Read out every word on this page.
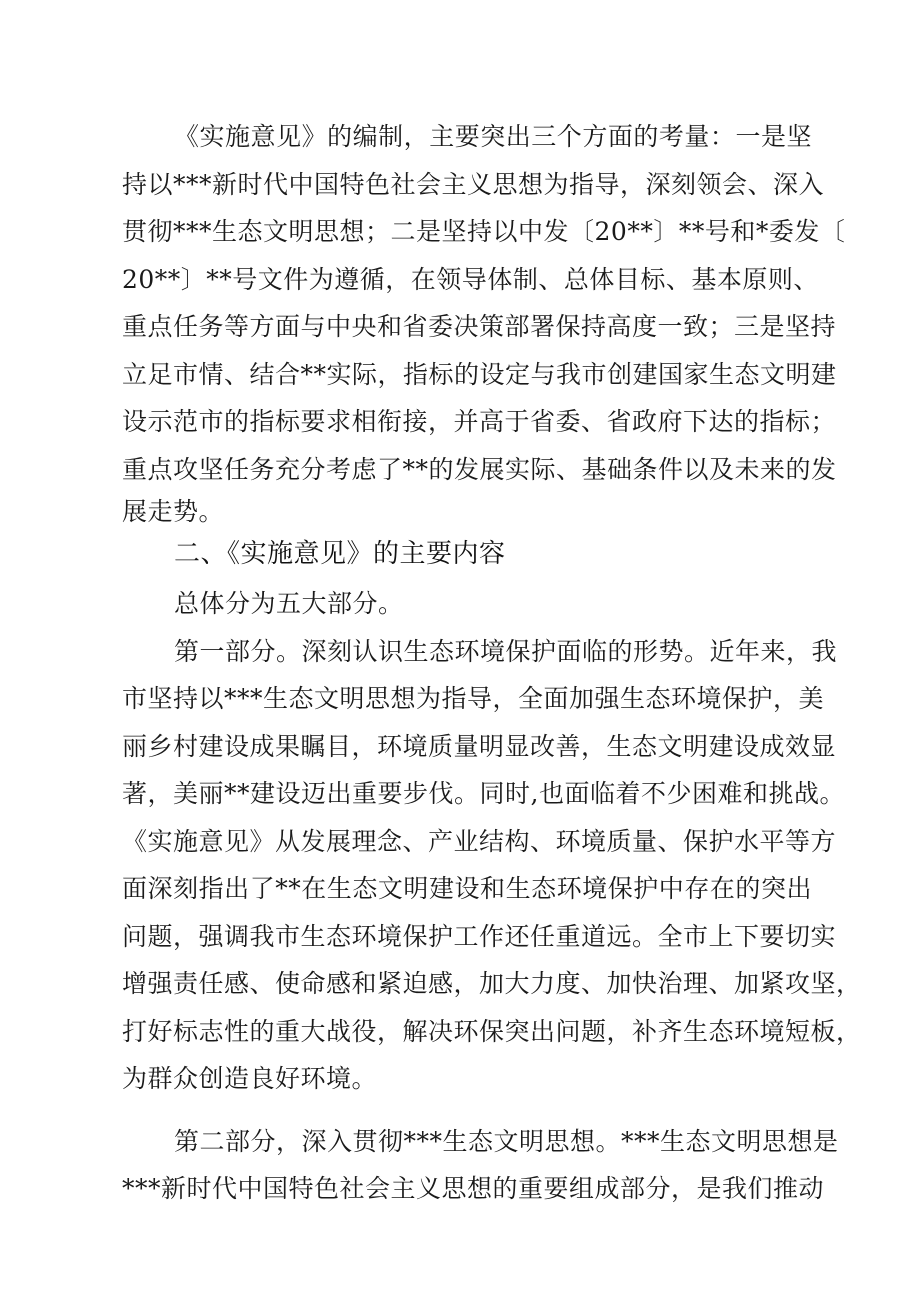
《实施意见》的编制，主要突出三个方面的考量：一是坚
持以***新时代中国特色社会主义思想为指导，深刻领会、深入
贯彻***生态文明思想；二是坚持以中发〔20**〕**号和*委发〔
20**〕**号文件为遵循，在领导体制、总体目标、基本原则、
重点任务等方面与中央和省委决策部署保持高度一致；三是坚持
立足市情、结合**实际，指标的设定与我市创建国家生态文明建
设示范市的指标要求相衔接，并高于省委、省政府下达的指标；
重点攻坚任务充分考虑了**的发展实际、基础条件以及未来的发
展走势。
二、《实施意见》的主要内容
总体分为五大部分。
第一部分。深刻认识生态环境保护面临的形势。近年来，我
市坚持以***生态文明思想为指导，全面加强生态环境保护，美
丽乡村建设成果瞩目，环境质量明显改善，生态文明建设成效显
著，美丽**建设迈出重要步伐。同时,也面临着不少困难和挑战。
《实施意见》从发展理念、产业结构、环境质量、保护水平等方
面深刻指出了**在生态文明建设和生态环境保护中存在的突出
问题，强调我市生态环境保护工作还任重道远。全市上下要切实
增强责任感、使命感和紧迫感，加大力度、加快治理、加紧攻坚，
打好标志性的重大战役，解决环保突出问题，补齐生态环境短板，
为群众创造良好环境。
第二部分，深入贯彻***生态文明思想。***生态文明思想是
***新时代中国特色社会主义思想的重要组成部分，是我们推动
